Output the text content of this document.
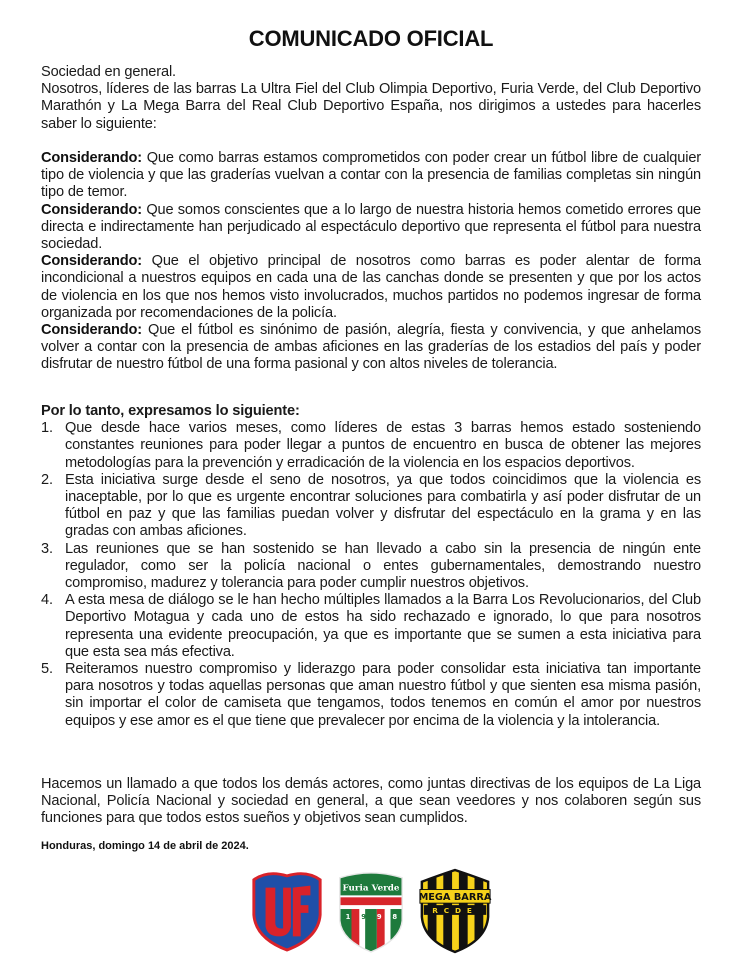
COMUNICADO OFICIAL

Sociedad en general.

Nosotros, líderes de las barras La Ultra Fiel del Club Olimpia Deportivo, Furia Verde, del Club Deportivo Marathón y La Mega Barra del Real Club Deportivo España, nos dirigimos a ustedes para hacerles saber lo siguiente:

Considerando: Que como barras estamos comprometidos con poder crear un fútbol libre de cualquier tipo de violencia y que las graderías vuelvan a contar con la presencia de familias completas sin ningún tipo de temor.

Considerando: Que somos conscientes que a lo largo de nuestra historia hemos cometido errores que directa e indirectamente han perjudicado al espectáculo deportivo que representa el fútbol para nuestra sociedad.

Considerando: Que el objetivo principal de nosotros como barras es poder alentar de forma incondicional a nuestros equipos en cada una de las canchas donde se presenten y que por los actos de violencia en los que nos hemos visto involucrados, muchos partidos no podemos ingresar de forma organizada por recomendaciones de la policía.

Considerando: Que el fútbol es sinónimo de pasión, alegría, fiesta y convivencia, y que anhelamos volver a contar con la presencia de ambas aficiones en las graderías de los estadios del país y poder disfrutar de nuestro fútbol de una forma pasional y con altos niveles de tolerancia.

Por lo tanto, expresamos lo siguiente:

1. Que desde hace varios meses, como líderes de estas 3 barras hemos estado sosteniendo constantes reuniones para poder llegar a puntos de encuentro en busca de obtener las mejores metodologías para la prevención y erradicación de la violencia en los espacios deportivos.
2. Esta iniciativa surge desde el seno de nosotros, ya que todos coincidimos que la violencia es inaceptable, por lo que es urgente encontrar soluciones para combatirla y así poder disfrutar de un fútbol en paz y que las familias puedan volver y disfrutar del espectáculo en la grama y en las gradas con ambas aficiones.
3. Las reuniones que se han sostenido se han llevado a cabo sin la presencia de ningún ente regulador, como ser la policía nacional o entes gubernamentales, demostrando nuestro compromiso, madurez y tolerancia para poder cumplir nuestros objetivos.
4. A esta mesa de diálogo se le han hecho múltiples llamados a la Barra Los Revolucionarios, del Club Deportivo Motagua y cada uno de estos ha sido rechazado e ignorado, lo que para nosotros representa una evidente preocupación, ya que es importante que se sumen a esta iniciativa para que esta sea más efectiva.
5. Reiteramos nuestro compromiso y liderazgo para poder consolidar esta iniciativa tan importante para nosotros y todas aquellas personas que aman nuestro fútbol y que sienten esa misma pasión, sin importar el color de camiseta que tengamos, todos tenemos en común el amor por nuestros equipos y ese amor es el que tiene que prevalecer por encima de la violencia y la intolerancia.

Hacemos un llamado a que todos los demás actores, como juntas directivas de los equipos de La Liga Nacional, Policía Nacional y sociedad en general, a que sean veedores y nos colaboren según sus funciones para que todos estos sueños y objetivos sean cumplidos.

Honduras, domingo 14 de abril de 2024.
Furia Verde
1 9 9 8
MEGA BARRA
RCDE
